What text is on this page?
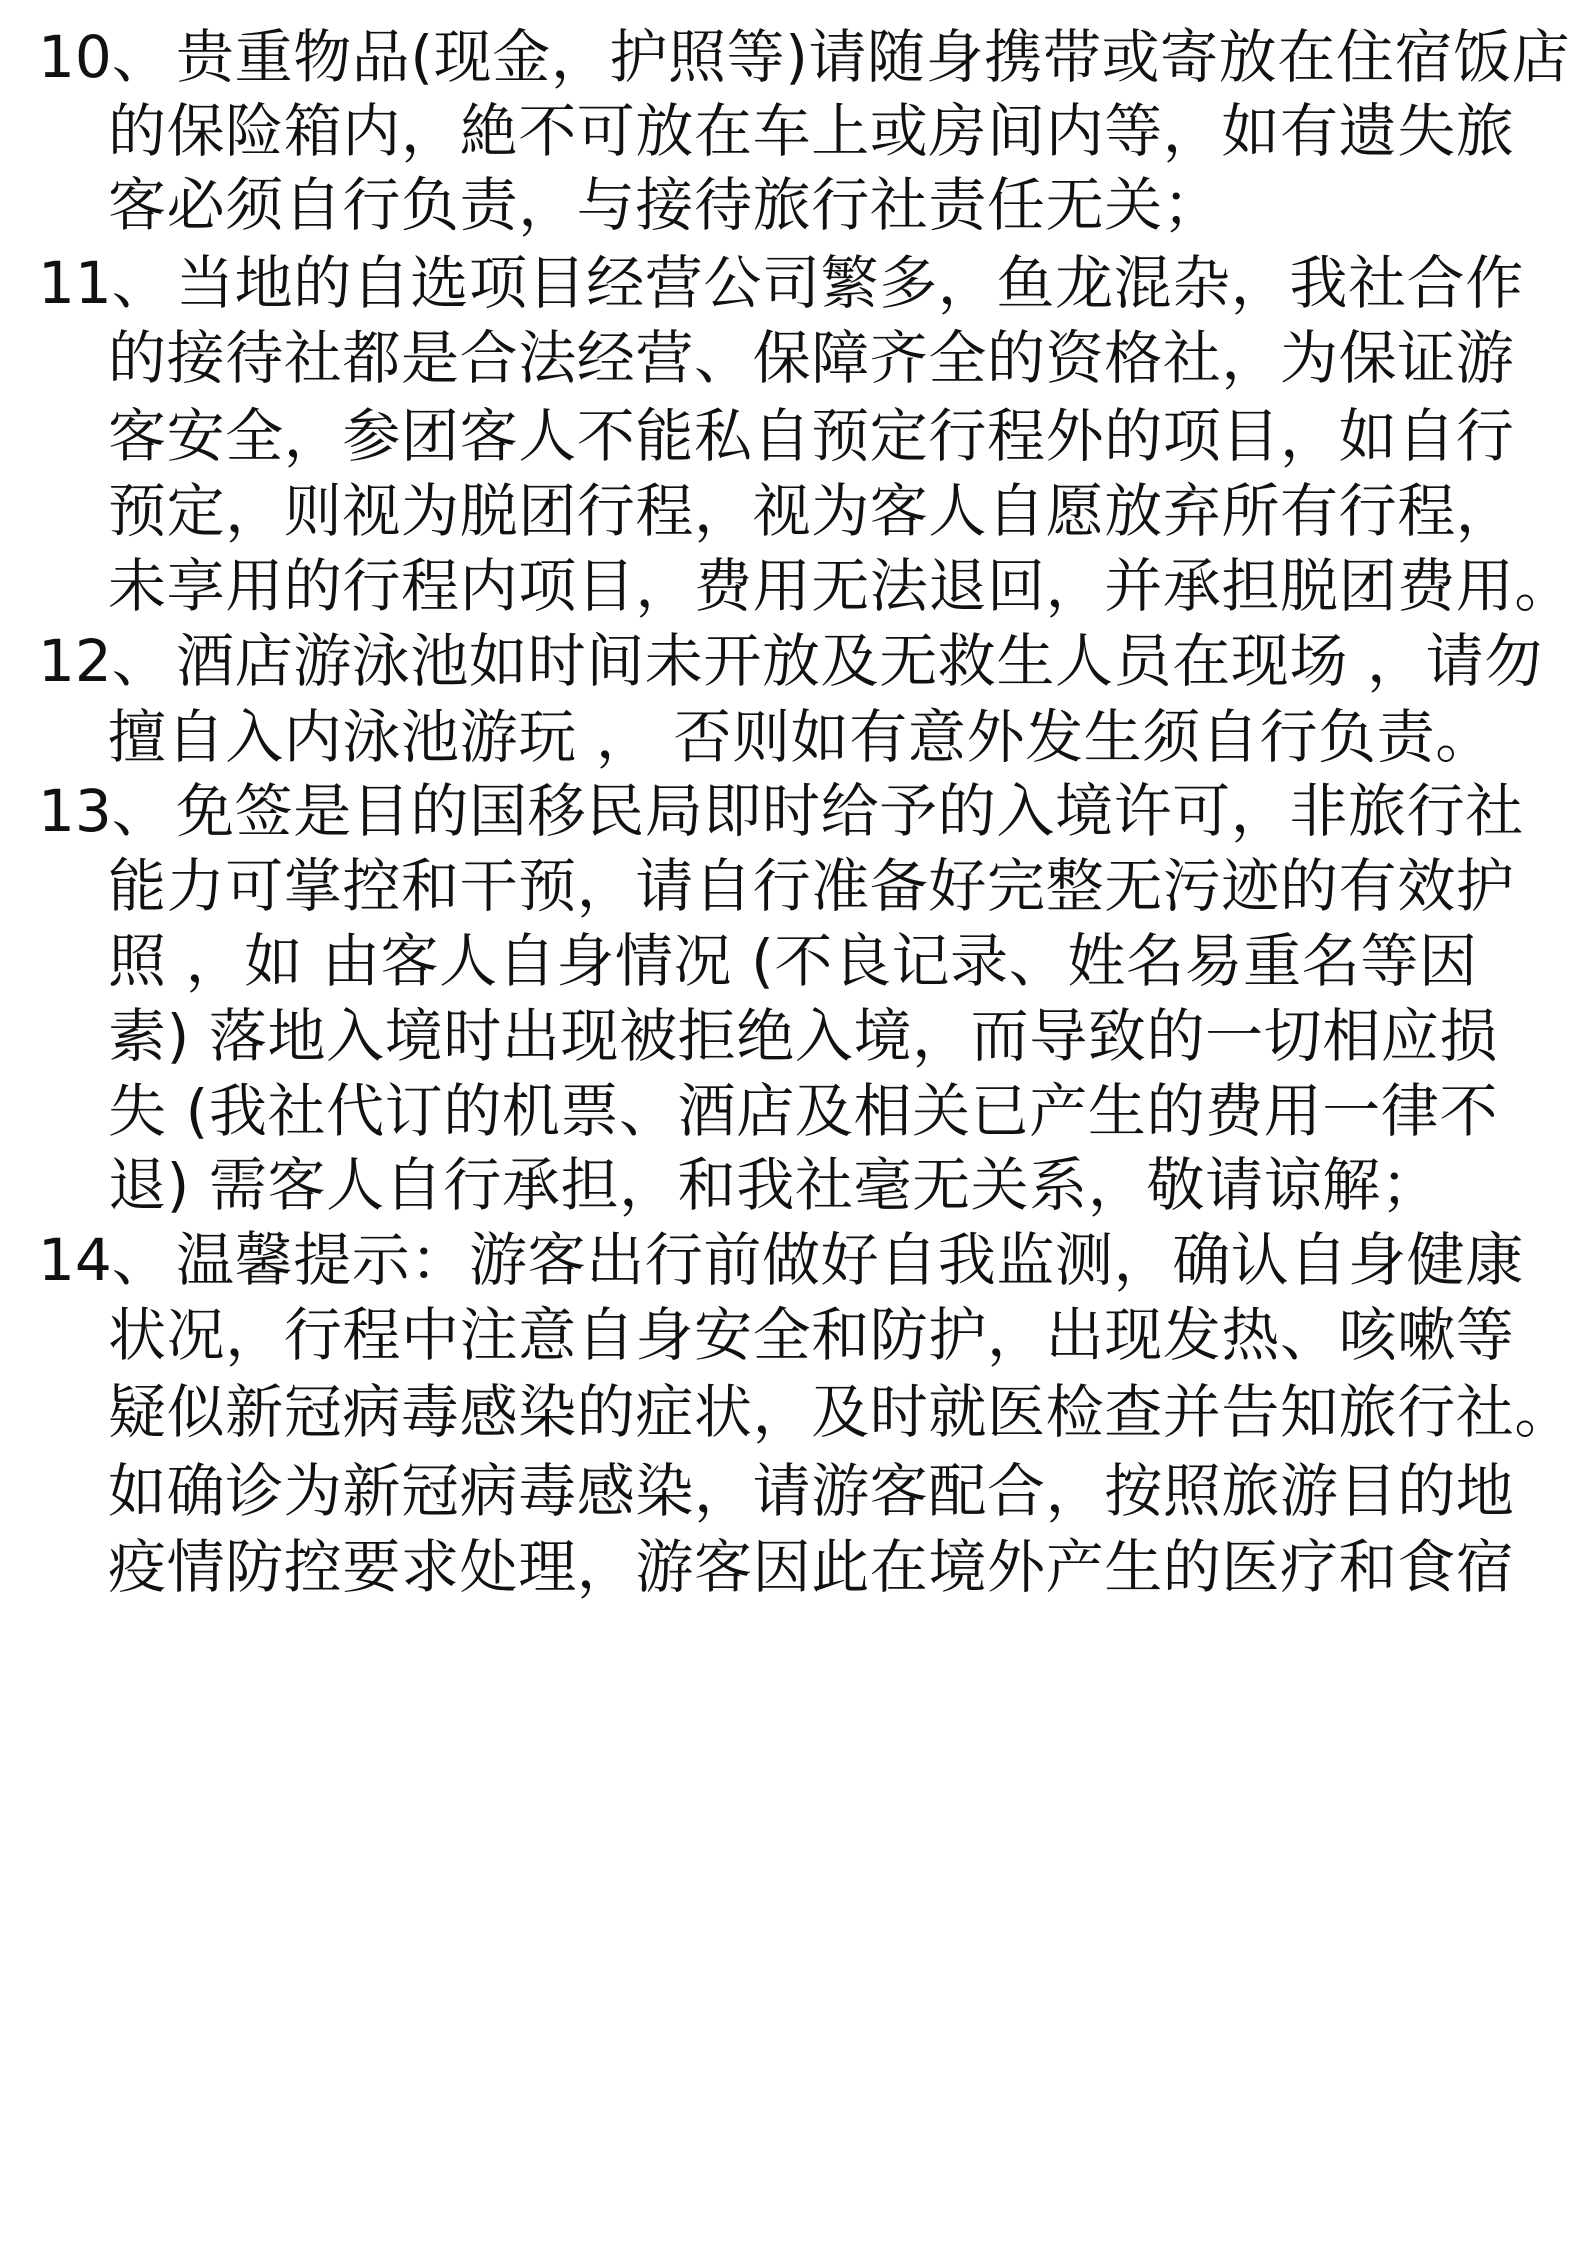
10、 贵重物品(现金，护照等)请随身携带或寄放在住宿饭店
的保险箱内，絶不可放在车上或房间内等，如有遗失旅
客必须自行负责，与接待旅行社责任无关；
11、 当地的自选项目经营公司繁多，鱼龙混杂，我社合作
的接待社都是合法经营、保障齐全的资格社，为保证游
客安全，参团客人不能私自预定行程外的项目，如自行
预定，则视为脱团行程，视为客人自愿放弃所有行程，
未享用的行程内项目，费用无法退回，并承担脱团费用。
12、 酒店游泳池如时间未开放及无救生人员在现场 ，请勿
擅自入内泳池游玩 ， 否则如有意外发生须自行负责。
13、 免签是目的国移民局即时给予的入境许可，非旅行社
能力可掌控和干预，请自行准备好完整无污迹的有效护
照 ，如 由客人自身情况 (不良记录、姓名易重名等因
素) 落地入境时出现被拒绝入境，而导致的一切相应损
失 (我社代订的机票、酒店及相关已产生的费用一律不
退) 需客人自行承担，和我社毫无关系，敬请谅解；
14、 温馨提示：游客出行前做好自我监测，确认自身健康
状况，行程中注意自身安全和防护，出现发热、咳嗽等
疑似新冠病毒感染的症状，及时就医检查并告知旅行社。
如确诊为新冠病毒感染，请游客配合，按照旅游目的地
疫情防控要求处理，游客因此在境外产生的医疗和食宿
